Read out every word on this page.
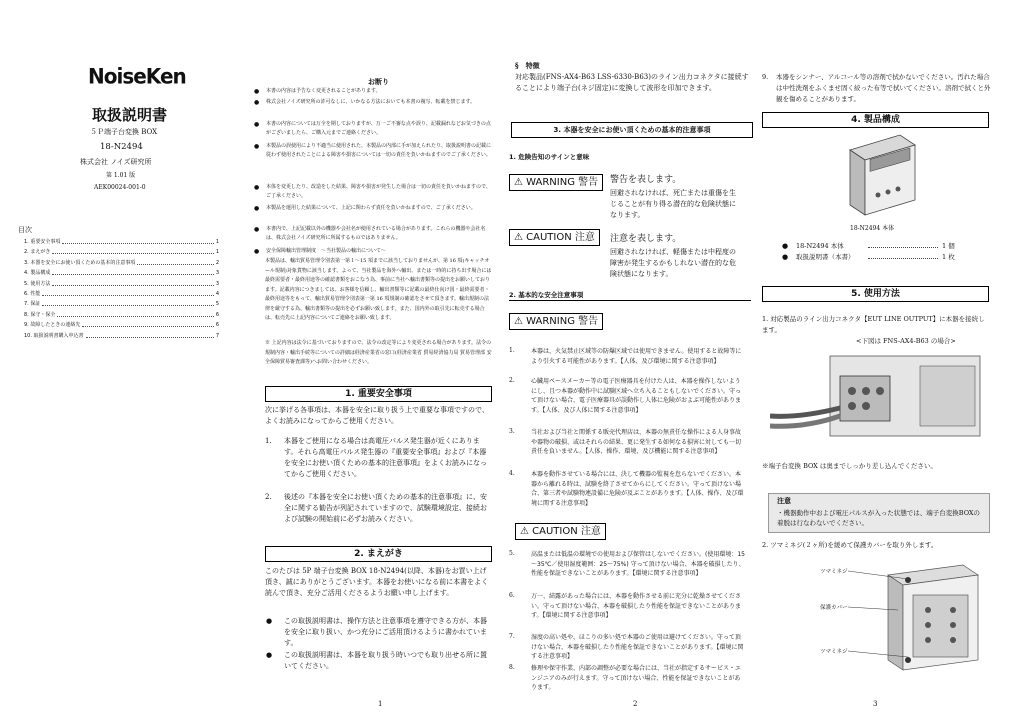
NoiseKen
取扱説明書
５Ｐ端子台変換 BOX
18-N2494
株式会社 ノイズ研究所
第 1.01 版
AEK00024-001-0
目次
1. 重要安全事項	1
2. まえがき	1
3. 本器を安全にお使い頂くための基本的注意事項	2
4. 製品構成	3
5. 使用方法	3
6. 性能	4
7. 保証	5
8. 保守・保全	6
9. 故障したときの連絡先	6
10. 取扱説明書購入申込書	7
1
お断り
● 本書の内容は予告なく変更されることがあります。
● 株式会社ノイズ研究所の許可なしに、いかなる方法においても本書の複写、転載を禁じます。
● 本書の内容については万全を期しておりますが、万一ご不審な点や誤り、記載漏れなどお気づきの点がございましたら、ご購入元までご連絡ください。
● 本製品の誤使用により不適当に使用された、本製品の内部に手が加えられたり、取扱説明書の記載に従わず使用されたことによる障害や損害については一切の責任を負いかねますのでご了承ください。
● 本体を変更したり、改造をした結果、障害や損害が発生した場合は一切の責任を負いかねますので、ご了承ください。
● 本製品を運用した結果について、上記に関わらず責任を負いかねますので、ご了承ください。
● 本書内で、上記記載以外の機器や会社名が使用されている場合があります。これらの機器や会社名は、株式会社ノイズ研究所に所属するものではありません。
● 安全保障輸出管理制度　～当社製品の輸出について～
本製品は、輸出貿易管理令別表第一第１～15 項までに該当しておりませんが、第 16 項(キャッチオール規制)対象貨物に該当します。よって、当社製品を海外へ輸出、または一時的に持ち出す場合には最終需要者・最終用途等の確認書類をおこなう為、事前に当社へ輸出書類等の提出をお願いしております。記載内容につきましては、お客様を信頼し、輸出書類等に記載の最終仕向け国・最終需要者・最終用途等をもって、輸出貿易管理令別表第一第 16 項規制の確認をさせて頂きます。輸出規制の法律を厳守する為、輸出書類等の提出を必ずお願い致します。また、国内外の取引先に転売する場合は、転売先に上記内容についてご連絡をお願い致します。
※ 上記内容は法令に基づいておりますので、法令の改定等により変更される場合があります。法令の規制内容・輸出手続等についての詳細は経済産業省の窓口(経済産業省 貿易経済協力局 貿易管理部 安全保障貿易審査課等)へお問い合わせください。
1. 重要安全事項
次に挙げる各事項は、本器を安全に取り扱う上で重要な事項ですので、よくお読みになってからご使用ください。
1. 本器をご使用になる場合は高電圧パルス発生器が近くにあります。それら高電圧パルス発生器の『重要安全事項』および『本器を安全にお使い頂くための基本的注意事項』をよくお読みになってからご使用ください。
2. 後述の『本器を安全にお使い頂くための基本的注意事項』に、安全に関する勧告が列記されていますので、試験環境設定、接続および試験の開始前に必ずお読みください。
2. まえがき
このたびは 5P 端子台変換 BOX 18-N2494(以降、本器)をお買い上げ頂き、誠にありがとうございます。本器をお使いになる前に本書をよく読んで頂き、充分ご活用くださるようお願い申し上げます。
● この取扱説明書は、操作方法と注意事項を遵守できる方が、本器を安全に取り扱い、かつ充分にご活用頂けるように書かれています。
● この取扱説明書は、本器を取り扱う時いつでも取り出せる所に置いてください。
§　特徴
対応製品(FNS-AX4-B63 LSS-6330-B63)のライン出力コネクタに接続することにより端子台(ネジ固定)に変換して波形を印加できます。
3. 本器を安全にお使い頂くための基本的注意事項
1. 危険告知のサインと意味
⚠ WARNING 警告	警告を表します。
回避されなければ、死亡または重傷を生じることが有り得る潜在的な危険状態になります。
⚠ CAUTION 注意	注意を表します。
回避されなければ、軽傷または中程度の障害が発生するかもしれない潜在的な危険状態になります。
2. 基本的な安全注意事項
⚠ WARNING 警告
1.	本器は、火気禁止区域等の防爆区域では使用できません。使用すると故障等により引火する可能性があります。【人体、及び環境に関する注意事項】
2.	心臓用ペースメーカー等の電子医療器具を付けた人は、本器を操作しないようにし、且つ本器が動作中に試験区域へ立ち入ることもしないでください。守って頂けない場合、電子医療器具が誤動作し人体に危険がおよぶ可能性があります。【人体、及び人体に関する注意事項】
3.	当社および当社と関係する販売代理店は、本器の無責任な操作による人身事故や器物の破損、或はそれらの結果、更に発生する如何なる損害に対しても一切責任を負いません。【人体、操作、環境、及び機能に関する注意事項】
4.	本器を動作させている場合には、決して機器の監視を怠らないでください。本器から離れる時は、試験を終了させてからにしてください。守って頂けない場合、第三者や試験物連設備に危険が及ぶことがあります。【人体、操作、及び環境に関する注意事項】
⚠ CAUTION 注意
5.	高温または低温の環境での使用および保管はしないでください。(使用環境：15～35℃／使用湿度範囲：25～75%) 守って頂けない場合、本器を破損したり、性能を保証できないことがあります。【環境に関する注意事項】
6.	万一、結露があった場合には、本器を動作させる前に充分に乾燥させてください。守って頂けない場合、本器を破損したり性能を保証できないことがあります。【環境に関する注意事項】
7.	湿度の高い処や、ほこりの多い処で本器のご使用は避けてください。守って頂けない場合、本器を破損したり性能を保証できないことがあります。【環境に関する注意事項】
8.	修理や保守作業、内部の調整が必要な場合には、当社が指定するサービス・エンジニアのみが行えます。守って頂けない場合、性能を保証できないことがあります。
2
9. 本器をシンナー、アルコール等の溶剤で拭かないでください。汚れた場合は中性洗剤をふくませ固く絞った布等で拭いてください。溶剤で拭くと外観を傷めることがあります。
4. 製品構成
18-N2494 本体
● 18-N2494 本体	1 個
● 取扱説明書（本書）	1 枚
5. 使用方法
1. 対応製品のライン出力コネクタ【EUT LINE OUTPUT】に本器を接続します。
<下図は FNS-AX4-B63 の場合>
※端子台変換 BOX は奥までしっかり差し込んでください。
注意
・機器動作中および電圧パルスが入った状態では、端子台変換BOXの着脱は行なわないでください。
2. ツマミネジ(２ヶ所)を緩めて保護カバーを取り外します。
ツマミネジ
保護カバー
ツマミネジ
3
